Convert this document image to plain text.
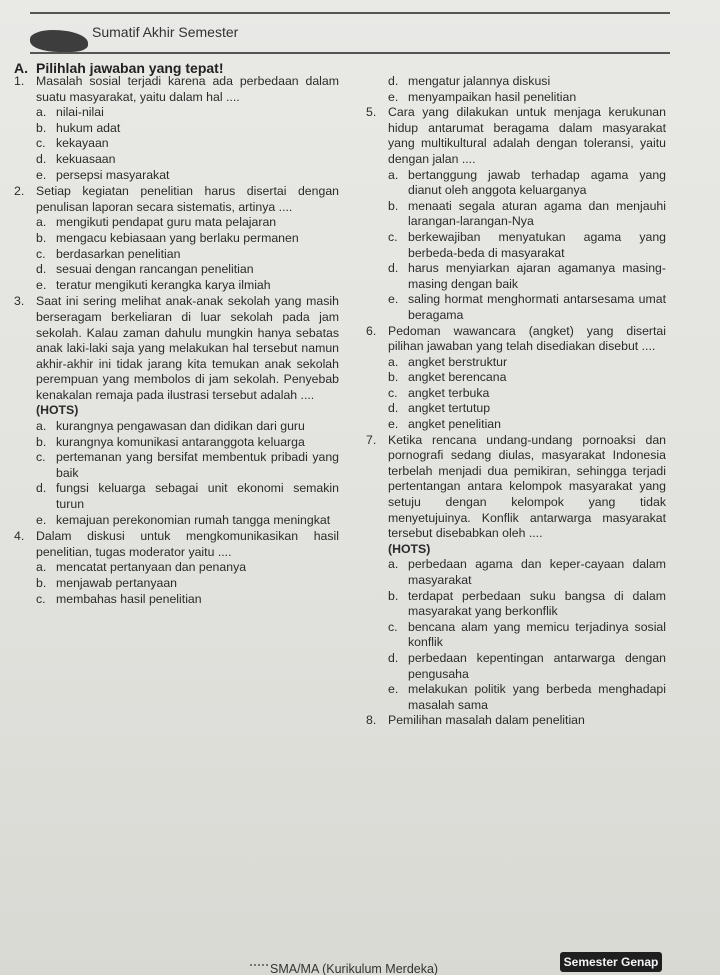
Sumatif Akhir Semester
A. Pilihlah jawaban yang tepat!
1. Masalah sosial terjadi karena ada perbedaan dalam suatu masyarakat, yaitu dalam hal ....
a. nilai-nilai
b. hukum adat
c. kekayaan
d. kekuasaan
e. persepsi masyarakat
2. Setiap kegiatan penelitian harus disertai dengan penulisan laporan secara sistematis, artinya ....
a. mengikuti pendapat guru mata pelajaran
b. mengacu kebiasaan yang berlaku permanen
c. berdasarkan penelitian
d. sesuai dengan rancangan penelitian
e. teratur mengikuti kerangka karya ilmiah
3. Saat ini sering melihat anak-anak sekolah yang masih berseragam berkeliaran di luar sekolah pada jam sekolah. Kalau zaman dahulu mungkin hanya sebatas anak laki-laki saja yang melakukan hal tersebut namun akhir-akhir ini tidak jarang kita temukan anak sekolah perempuan yang membolos di jam sekolah. Penyebab kenakalan remaja pada ilustrasi tersebut adalah ....
(HOTS)
a. kurangnya pengawasan dan didikan dari guru
b. kurangnya komunikasi antaranggota keluarga
c. pertemanan yang bersifat membentuk pribadi yang baik
d. fungsi keluarga sebagai unit ekonomi semakin turun
e. kemajuan perekonomian rumah tangga meningkat
4. Dalam diskusi untuk mengkomunikasikan hasil penelitian, tugas moderator yaitu ....
a. mencatat pertanyaan dan penanya
b. menjawab pertanyaan
c. membahas hasil penelitian
d. mengatur jalannya diskusi
e. menyampaikan hasil penelitian
5. Cara yang dilakukan untuk menjaga kerukunan hidup antarumat beragama dalam masyarakat yang multikultural adalah dengan toleransi, yaitu dengan jalan ....
a. bertanggung jawab terhadap agama yang dianut oleh anggota keluarganya
b. menaati segala aturan agama dan menjauhi larangan-larangan-Nya
c. berkewajiban menyatukan agama yang berbeda-beda di masyarakat
d. harus menyiarkan ajaran agamanya masing-masing dengan baik
e. saling hormat menghormati antarsesama umat beragama
6. Pedoman wawancara (angket) yang disertai pilihan jawaban yang telah disediakan disebut ....
a. angket berstruktur
b. angket berencana
c. angket terbuka
d. angket tertutup
e. angket penelitian
7. Ketika rencana undang-undang pornoaksi dan pornografi sedang diulas, masyarakat Indonesia terbelah menjadi dua pemikiran, sehingga terjadi pertentangan antara kelompok masyarakat yang setuju dengan kelompok yang tidak menyetujuinya. Konflik antarwarga masyarakat tersebut disebabkan oleh ....
(HOTS)
a. perbedaan agama dan keper-cayaan dalam masyarakat
b. terdapat perbedaan suku bangsa di dalam masyarakat yang berkonflik
c. bencana alam yang memicu terjadinya sosial konflik
d. perbedaan kepentingan antarwarga dengan pengusaha
e. melakukan politik yang berbeda menghadapi masalah sama
8. Pemilihan masalah dalam penelitian
SMA/MA (Kurikulum Merdeka)	Semester Genap
